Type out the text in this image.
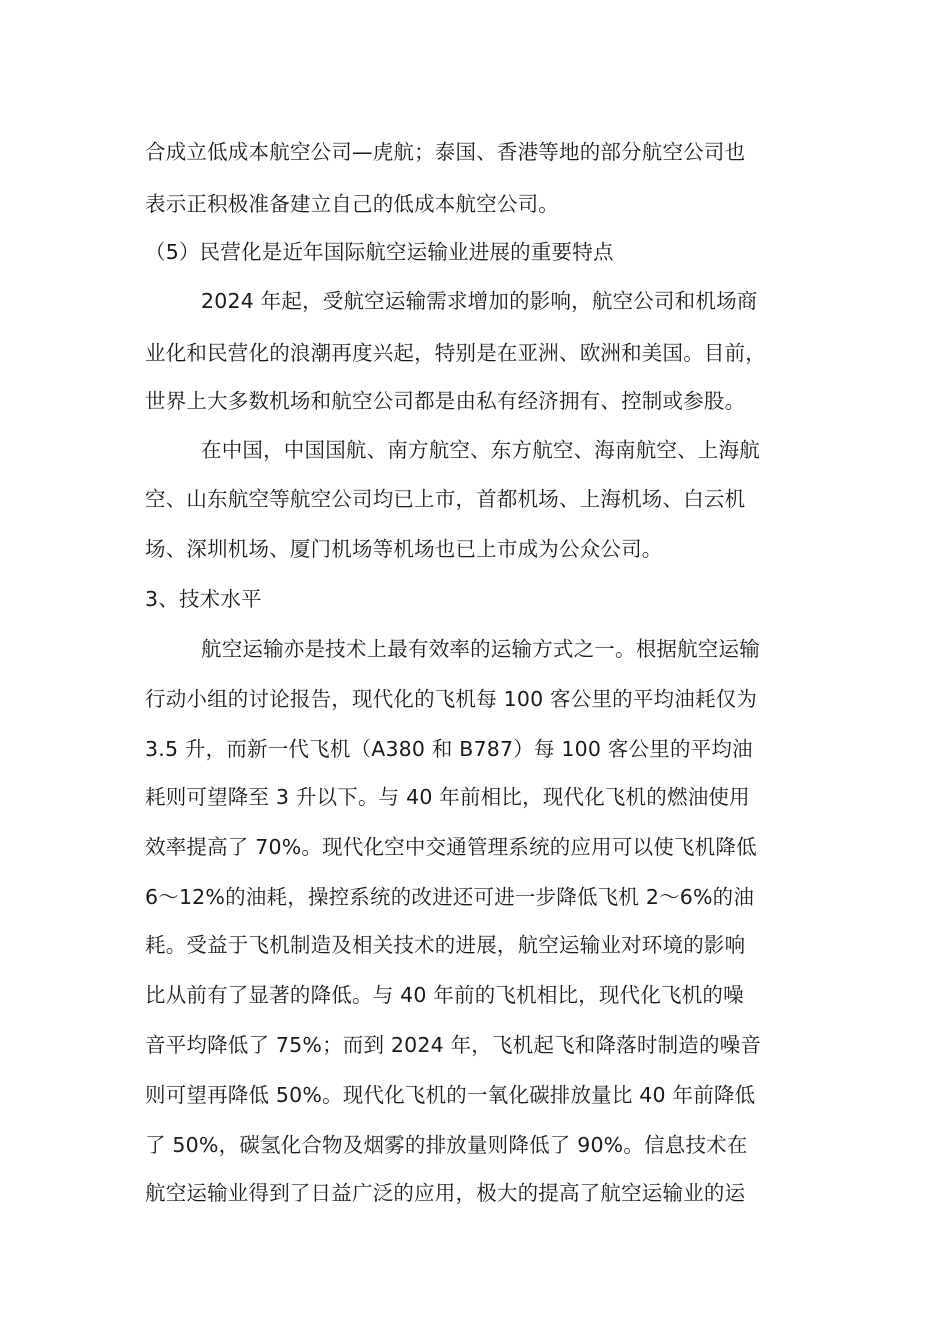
合成立低成本航空公司—虎航；泰国、香港等地的部分航空公司也
表示正积极准备建立自己的低成本航空公司。
（5）民营化是近年国际航空运输业进展的重要特点
2024 年起，受航空运输需求增加的影响，航空公司和机场商
业化和民营化的浪潮再度兴起，特别是在亚洲、欧洲和美国。目前，
世界上大多数机场和航空公司都是由私有经济拥有、控制或参股。
在中国，中国国航、南方航空、东方航空、海南航空、上海航
空、山东航空等航空公司均已上市，首都机场、上海机场、白云机
场、深圳机场、厦门机场等机场也已上市成为公众公司。
3、技术水平
航空运输亦是技术上最有效率的运输方式之一。根据航空运输
行动小组的讨论报告，现代化的飞机每 100 客公里的平均油耗仅为
3.5 升，而新一代飞机（A380 和 B787）每 100 客公里的平均油
耗则可望降至 3 升以下。与 40 年前相比，现代化飞机的燃油使用
效率提高了 70%。现代化空中交通管理系统的应用可以使飞机降低
6～12%的油耗，操控系统的改进还可进一步降低飞机 2～6%的油
耗。受益于飞机制造及相关技术的进展，航空运输业对环境的影响
比从前有了显著的降低。与 40 年前的飞机相比，现代化飞机的噪
音平均降低了 75%；而到 2024 年，飞机起飞和降落时制造的噪音
则可望再降低 50%。现代化飞机的一氧化碳排放量比 40 年前降低
了 50%，碳氢化合物及烟雾的排放量则降低了 90%。信息技术在
航空运输业得到了日益广泛的应用，极大的提高了航空运输业的运
